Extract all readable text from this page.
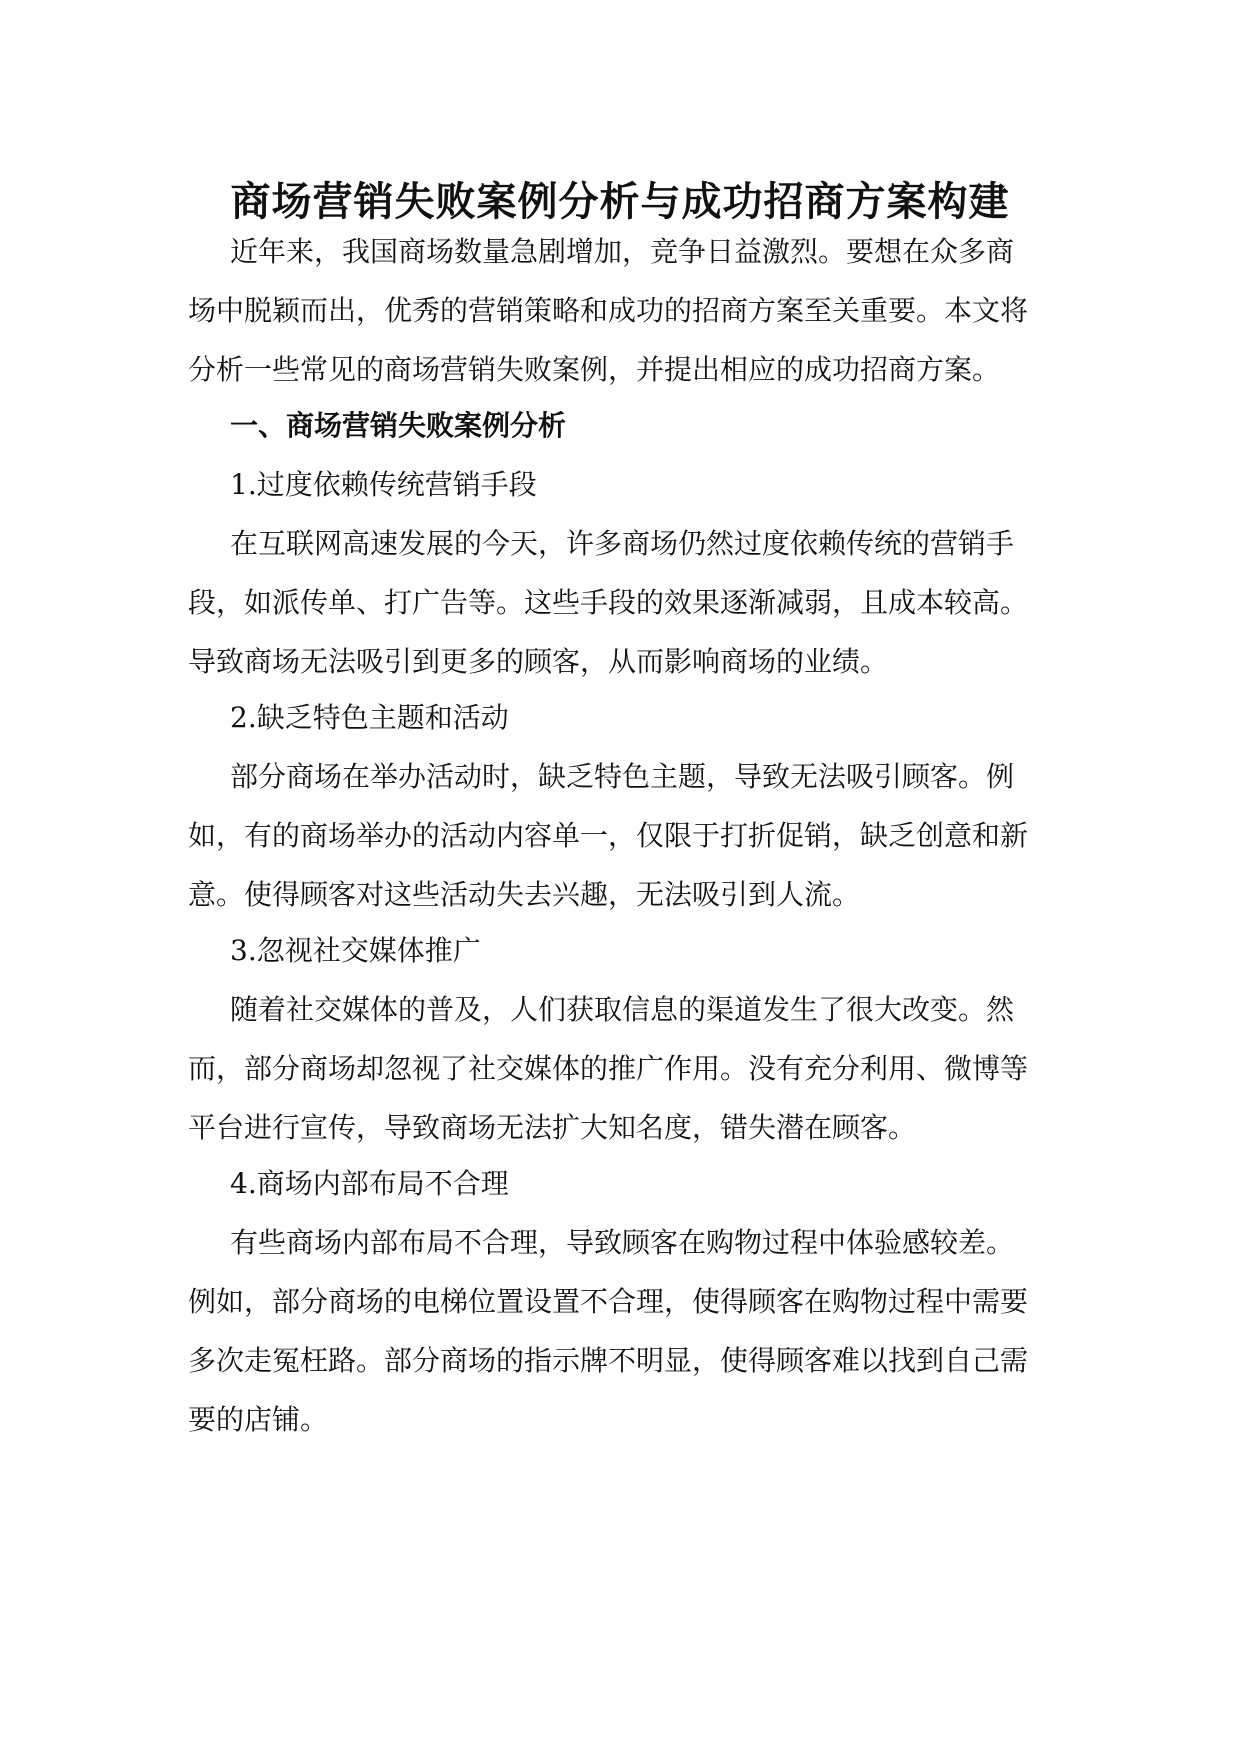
商场营销失败案例分析与成功招商方案构建
近年来，我国商场数量急剧增加，竞争日益激烈。要想在众多商
场中脱颖而出，优秀的营销策略和成功的招商方案至关重要。本文将
分析一些常见的商场营销失败案例，并提出相应的成功招商方案。
一、商场营销失败案例分析
1.过度依赖传统营销手段
在互联网高速发展的今天，许多商场仍然过度依赖传统的营销手
段，如派传单、打广告等。这些手段的效果逐渐减弱，且成本较高。
导致商场无法吸引到更多的顾客，从而影响商场的业绩。
2.缺乏特色主题和活动
部分商场在举办活动时，缺乏特色主题，导致无法吸引顾客。例
如，有的商场举办的活动内容单一，仅限于打折促销，缺乏创意和新
意。使得顾客对这些活动失去兴趣，无法吸引到人流。
3.忽视社交媒体推广
随着社交媒体的普及，人们获取信息的渠道发生了很大改变。然
而，部分商场却忽视了社交媒体的推广作用。没有充分利用、微博等
平台进行宣传，导致商场无法扩大知名度，错失潜在顾客。
4.商场内部布局不合理
有些商场内部布局不合理，导致顾客在购物过程中体验感较差。
例如，部分商场的电梯位置设置不合理，使得顾客在购物过程中需要
多次走冤枉路。部分商场的指示牌不明显，使得顾客难以找到自己需
要的店铺。
